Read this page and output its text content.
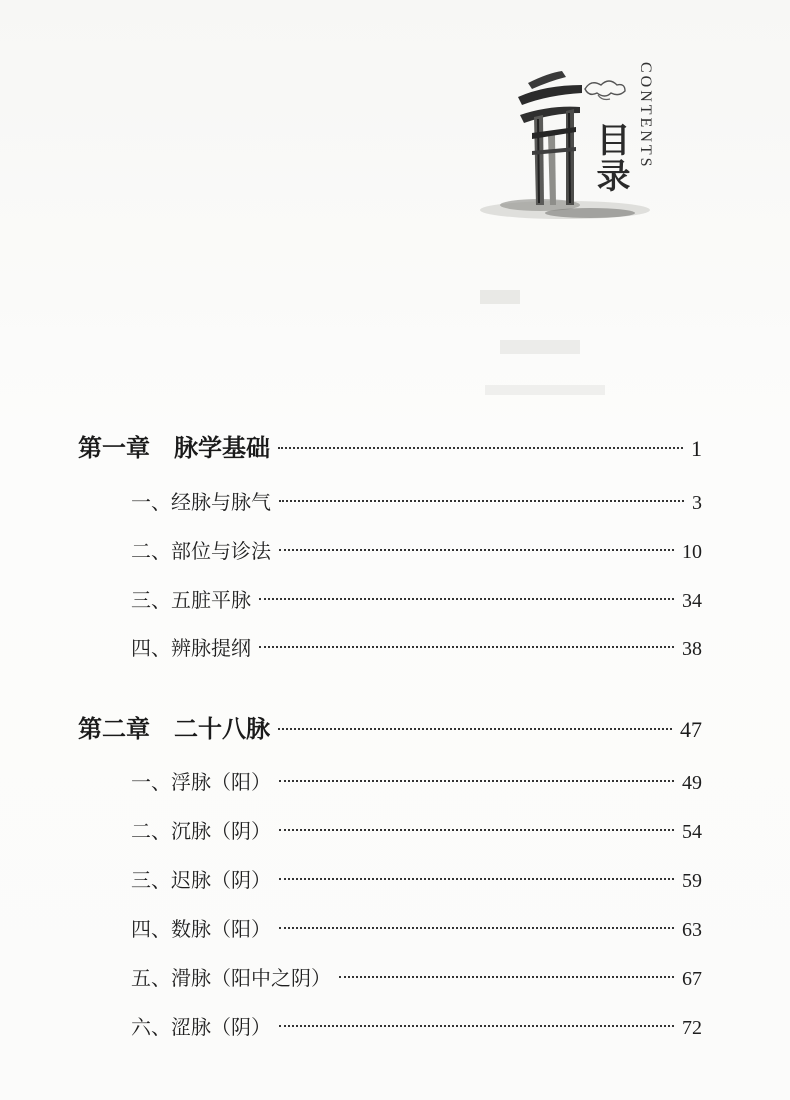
目录 CONTENTS
第一章　脉学基础	1
一、经脉与脉气	3
二、部位与诊法	10
三、五脏平脉	34
四、辨脉提纲	38
第二章　二十八脉	47
一、浮脉（阳）	49
二、沉脉（阴）	54
三、迟脉（阴）	59
四、数脉（阳）	63
五、滑脉（阳中之阴）	67
六、涩脉（阴）	72
